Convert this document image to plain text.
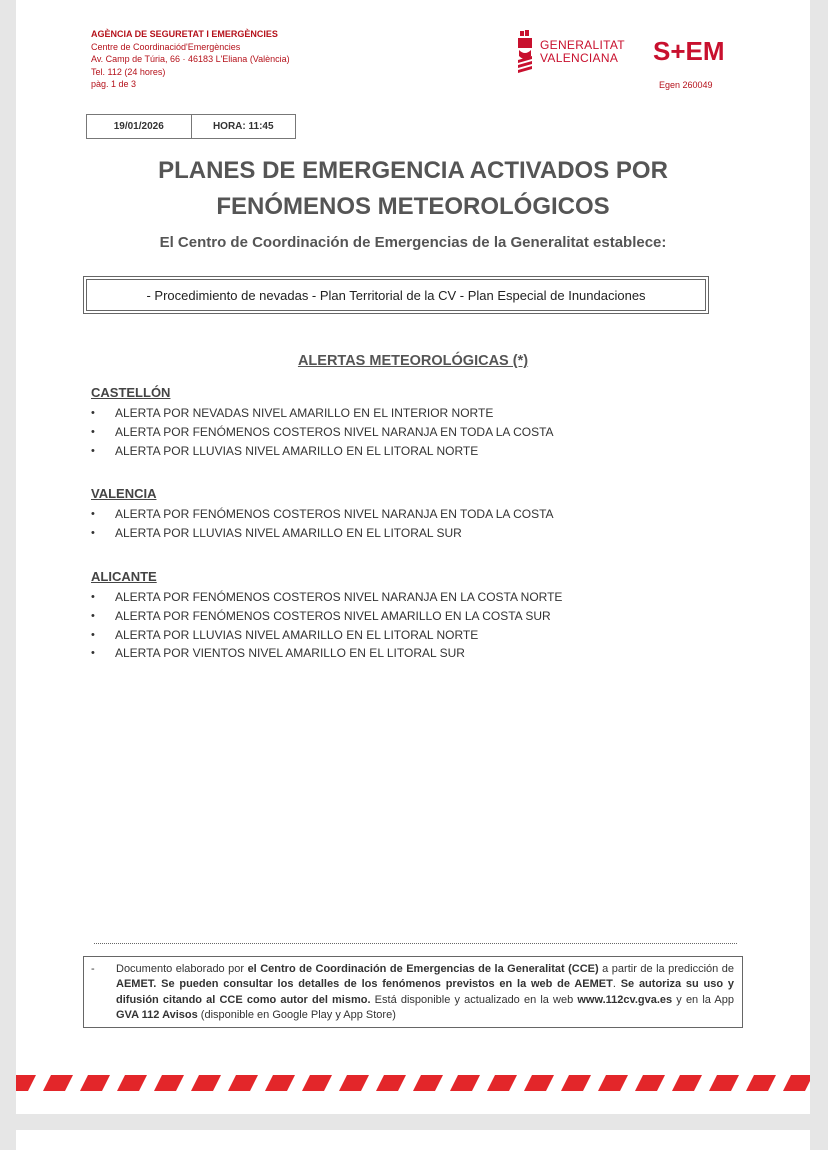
AGÈNCIA DE SEGURETAT I EMERGÈNCIES
Centre de Coordinaciód'Emergències
Av. Camp de Túria, 66 · 46183 L'Eliana (València)
Tel. 112 (24 hores)
pàg. 1 de 3
GENERALITAT
VALENCIANA S+EM
Egen 260049
19/01/2026	HORA: 11:45
PLANES DE EMERGENCIA ACTIVADOS POR
FENÓMENOS METEOROLÓGICOS
El Centro de Coordinación de Emergencias de la Generalitat establece:
- Procedimiento de nevadas - Plan Territorial de la CV - Plan Especial de Inundaciones
ALERTAS METEOROLÓGICAS (*)
CASTELLÓN
• ALERTA POR NEVADAS NIVEL AMARILLO EN EL INTERIOR NORTE
• ALERTA POR FENÓMENOS COSTEROS NIVEL NARANJA EN TODA LA COSTA
• ALERTA POR LLUVIAS NIVEL AMARILLO EN EL LITORAL NORTE
VALENCIA
• ALERTA POR FENÓMENOS COSTEROS NIVEL NARANJA EN TODA LA COSTA
• ALERTA POR LLUVIAS NIVEL AMARILLO EN EL LITORAL SUR
ALICANTE
• ALERTA POR FENÓMENOS COSTEROS NIVEL NARANJA EN LA COSTA NORTE
• ALERTA POR FENÓMENOS COSTEROS NIVEL AMARILLO EN LA COSTA SUR
• ALERTA POR LLUVIAS NIVEL AMARILLO EN EL LITORAL NORTE
• ALERTA POR VIENTOS NIVEL AMARILLO EN EL LITORAL SUR
- Documento elaborado por el Centro de Coordinación de Emergencias de la Generalitat (CCE) a partir de la predicción de AEMET. Se pueden consultar los detalles de los fenómenos previstos en la web de AEMET. Se autoriza su uso y difusión citando al CCE como autor del mismo. Está disponible y actualizado en la web www.112cv.gva.es y en la App GVA 112 Avisos (disponible en Google Play y App Store)
